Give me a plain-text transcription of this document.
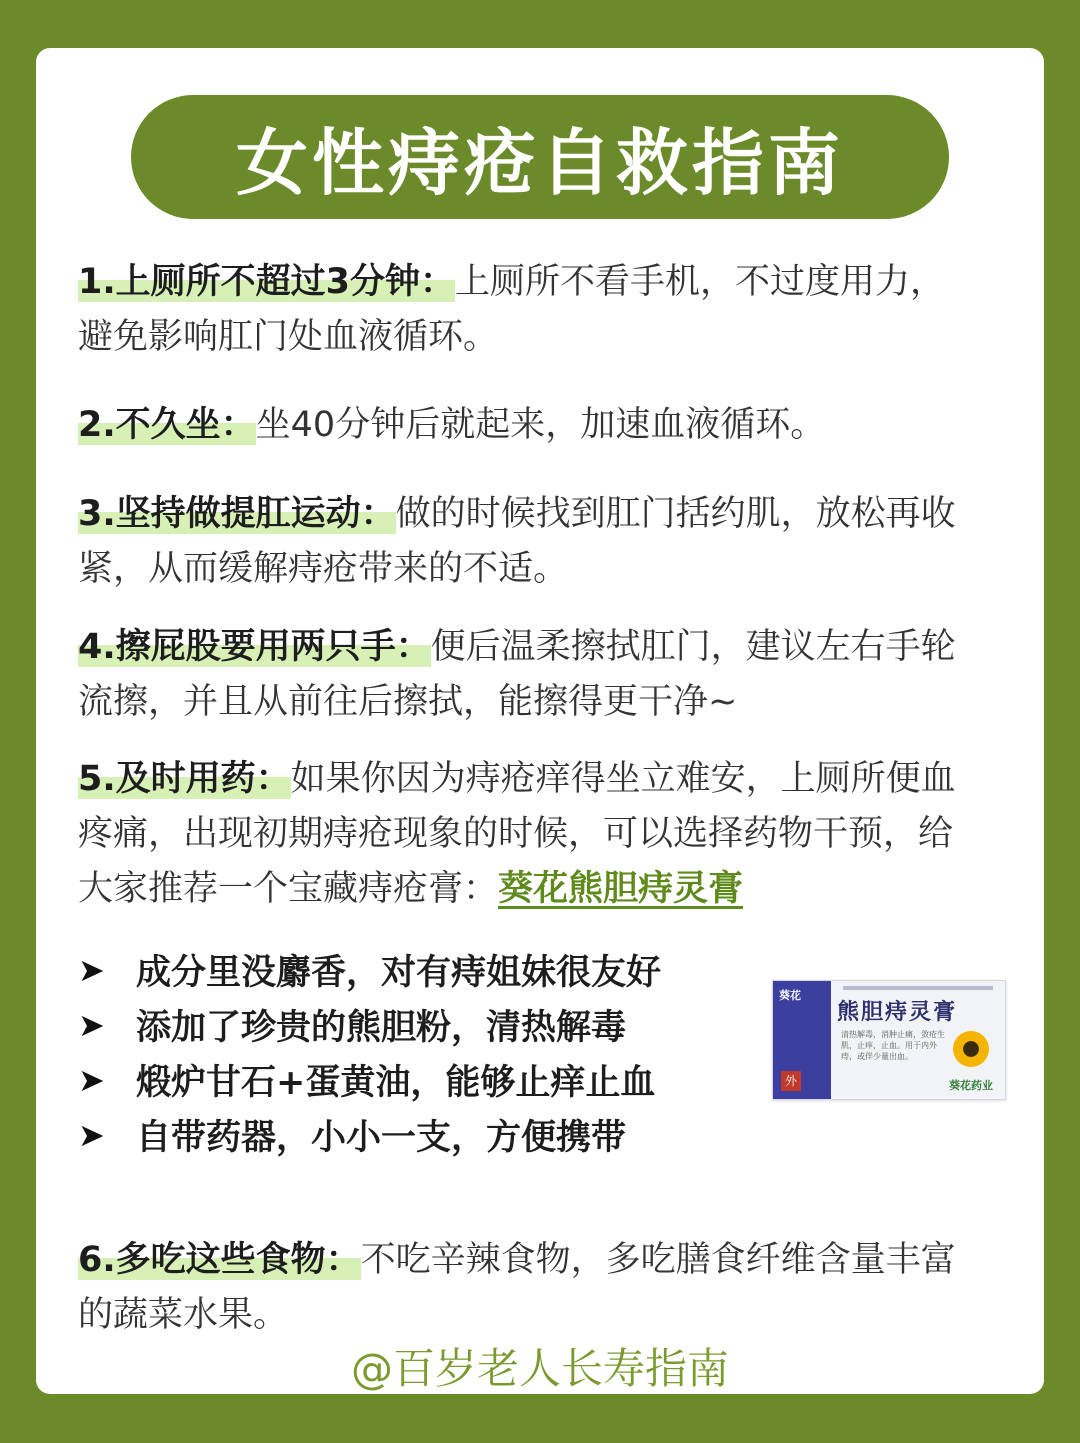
女性痔疮自救指南
1.上厕所不超过3分钟：上厕所不看手机，不过度用力，避免影响肛门处血液循环。
2.不久坐：坐40分钟后就起来，加速血液循环。
3.坚持做提肛运动：做的时候找到肛门括约肌，放松再收紧，从而缓解痔疮带来的不适。
4.擦屁股要用两只手：便后温柔擦拭肛门，建议左右手轮流擦，并且从前往后擦拭，能擦得更干净~
5.及时用药：如果你因为痔疮痒得坐立难安，上厕所便血疼痛，出现初期痔疮现象的时候，可以选择药物干预，给大家推荐一个宝藏痔疮膏：葵花熊胆痔灵膏
➤ 成分里没麝香，对有痔姐妹很友好
➤ 添加了珍贵的熊胆粉，清热解毒
➤ 煅炉甘石+蛋黄油，能够止痒止血
➤ 自带药器，小小一支，方便携带
葵花
外
熊胆痔灵膏
清热解毒，消肿止痛，敛疮生肌，止痒，止血。用于内外痔，或伴少量出血。
葵花药业
6.多吃这些食物：不吃辛辣食物，多吃膳食纤维含量丰富的蔬菜水果。
@百岁老人长寿指南
